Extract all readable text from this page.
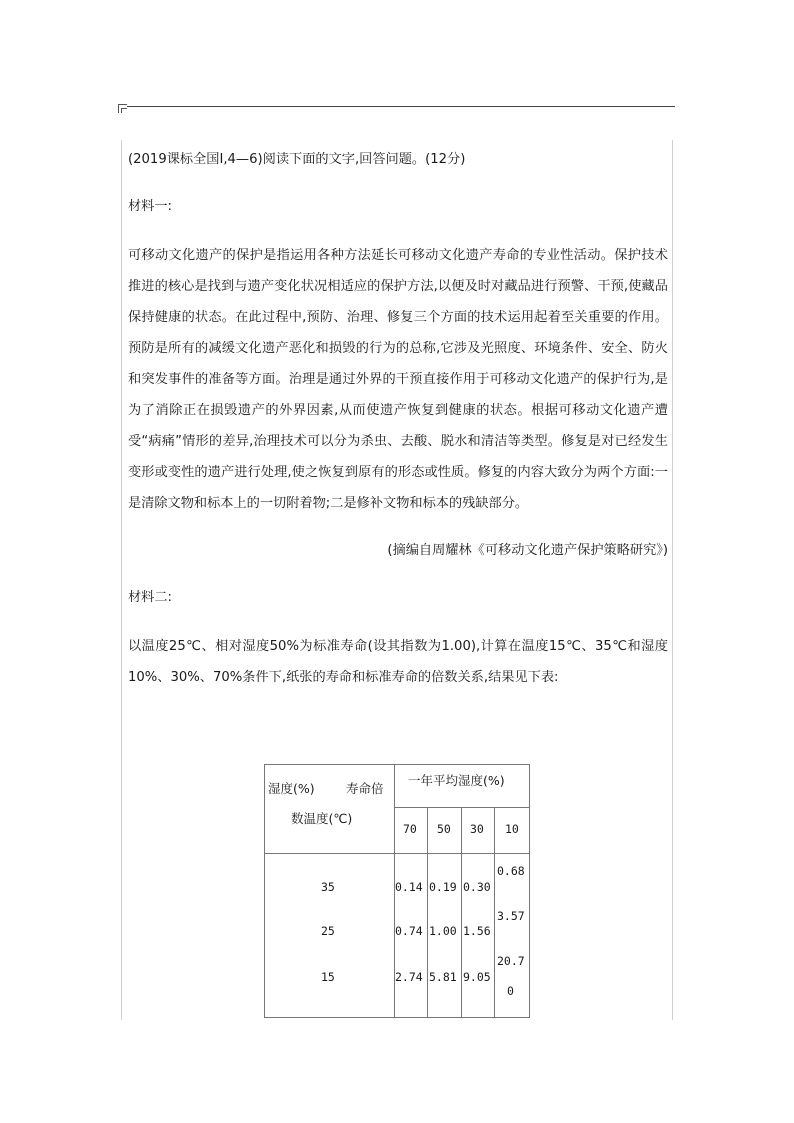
(2019课标全国Ⅰ,4—6)阅读下面的文字,回答问题。(12分)

材料一:

可移动文化遗产的保护是指运用各种方法延长可移动文化遗产寿命的专业性活动。保护技术推进的核心是找到与遗产变化状况相适应的保护方法,以便及时对藏品进行预警、干预,使藏品保持健康的状态。在此过程中,预防、治理、修复三个方面的技术运用起着至关重要的作用。预防是所有的减缓文化遗产恶化和损毁的行为的总称,它涉及光照度、环境条件、安全、防火和突发事件的准备等方面。治理是通过外界的干预直接作用于可移动文化遗产的保护行为,是为了消除正在损毁遗产的外界因素,从而使遗产恢复到健康的状态。根据可移动文化遗产遭受“病痛”情形的差异,治理技术可以分为杀虫、去酸、脱水和清洁等类型。修复是对已经发生变形或变性的遗产进行处理,使之恢复到原有的形态或性质。修复的内容大致分为两个方面:一是清除文物和标本上的一切附着物;二是修补文物和标本的残缺部分。

(摘编自周耀林《可移动文化遗产保护策略研究》)

材料二:

以温度25℃、相对湿度50%为标准寿命(设其指数为1.00),计算在温度15℃、35℃和湿度10%、30%、70%条件下,纸张的寿命和标准寿命的倍数关系,结果见下表:

湿度(%)	寿命倍
数温度(℃)
一年平均湿度(%)
70 50 30 10
35
25
15
0.14 0.19 0.30
0.68
0.74 1.00 1.56
3.57
2.74 5.81 9.05
20.7
0
